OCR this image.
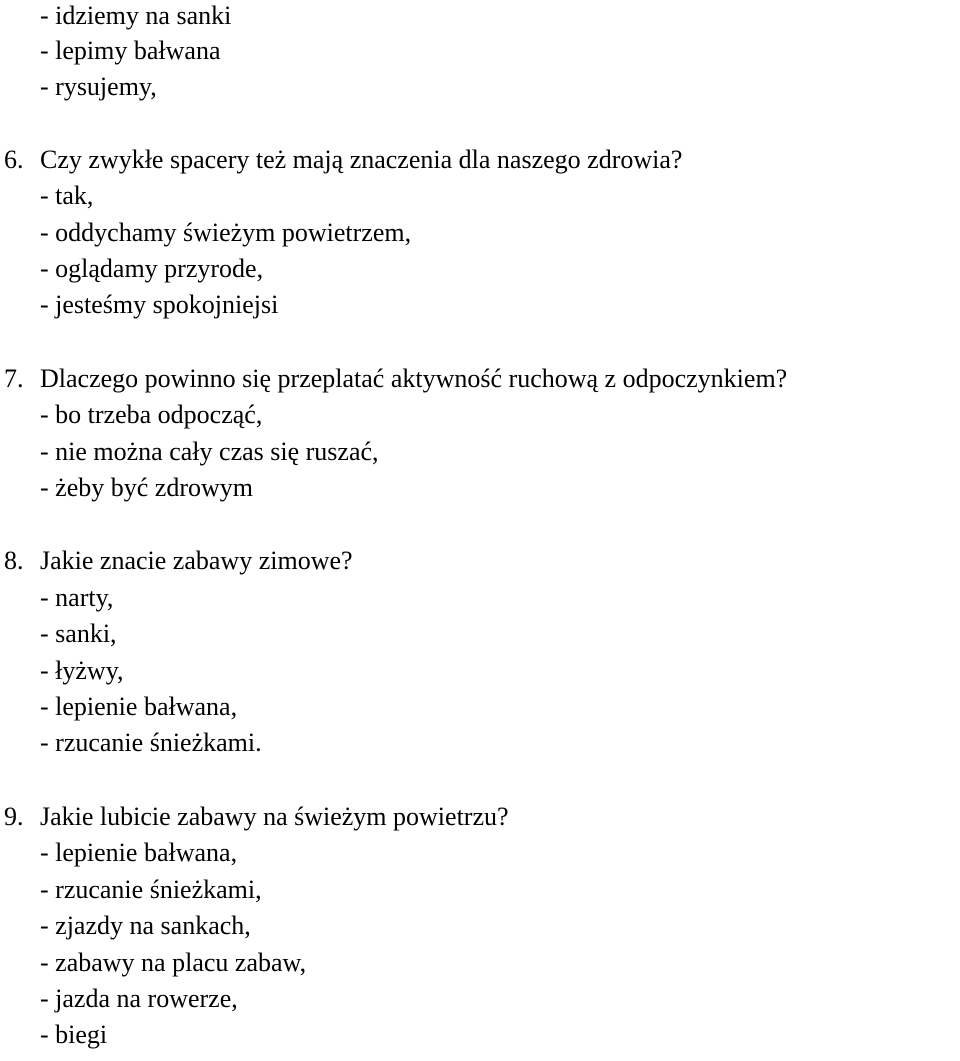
- idziemy na sanki
- lepimy bałwana
- rysujemy,
6. Czy zwykłe spacery też mają znaczenia dla naszego zdrowia?
- tak,
- oddychamy świeżym powietrzem,
- oglądamy przyrode,
- jesteśmy spokojniejsi
7. Dlaczego powinno się przeplatać aktywność ruchową z odpoczynkiem?
- bo trzeba odpocząć,
- nie można cały czas się ruszać,
- żeby być zdrowym
8. Jakie znacie zabawy zimowe?
- narty,
- sanki,
- łyżwy,
- lepienie bałwana,
- rzucanie śnieżkami.
9. Jakie lubicie zabawy na świeżym powietrzu?
- lepienie bałwana,
- rzucanie śnieżkami,
- zjazdy na sankach,
- zabawy na placu zabaw,
- jazda na rowerze,
- biegi
